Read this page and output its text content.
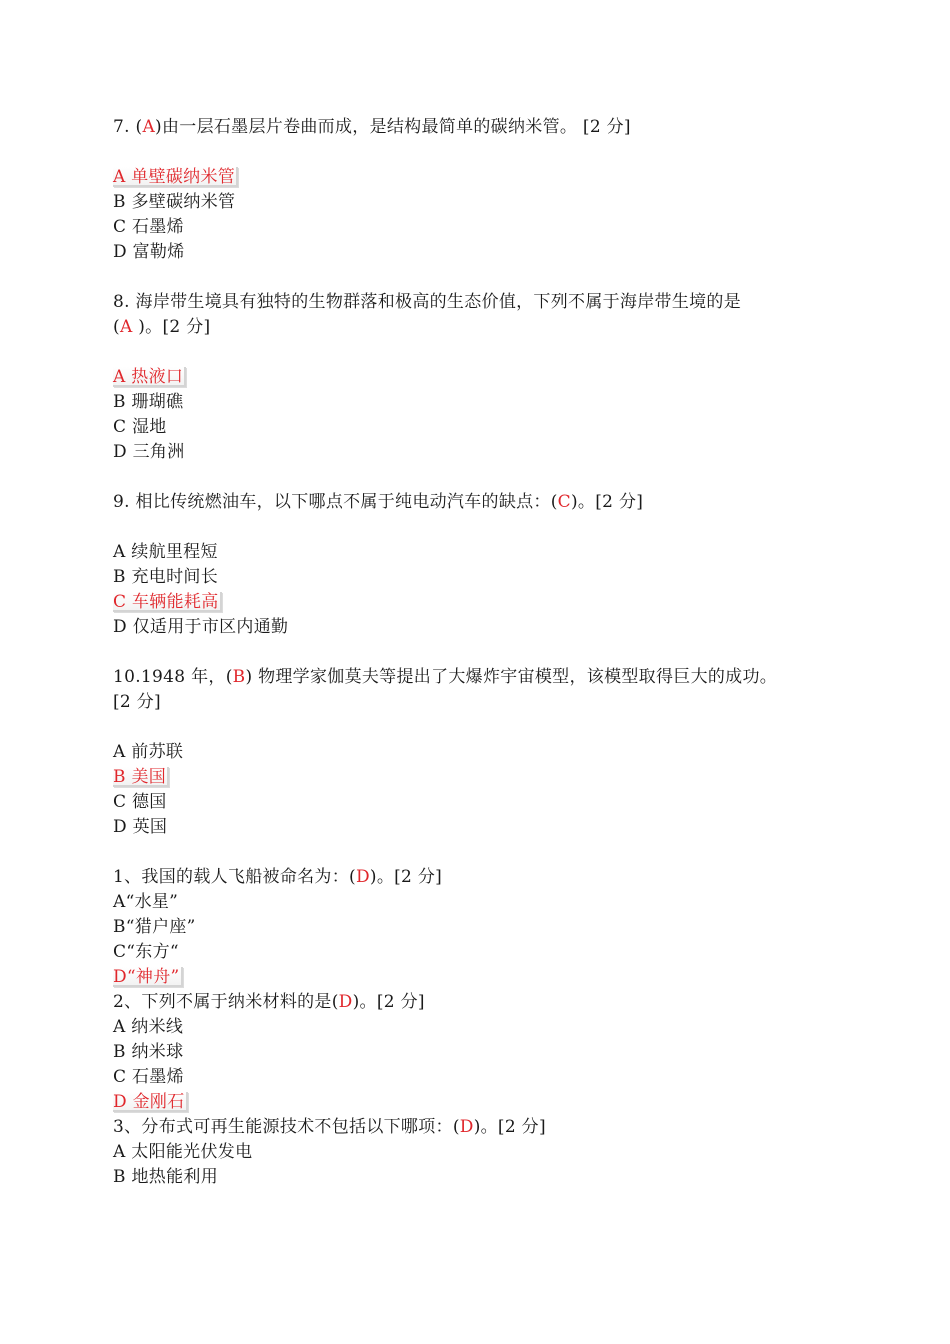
7. (A)由一层石墨层片卷曲而成，是结构最简单的碳纳米管。 [2 分]
A 单壁碳纳米管
B 多壁碳纳米管
C 石墨烯
D 富勒烯
8. 海岸带生境具有独特的生物群落和极高的生态价值，下列不属于海岸带生境的是
(A )。[2 分]
A 热液口
B 珊瑚礁
C 湿地
D 三角洲
9. 相比传统燃油车，以下哪点不属于纯电动汽车的缺点：(C)。[2 分]
A 续航里程短
B 充电时间长
C 车辆能耗高
D 仅适用于市区内通勤
10.1948 年，(B) 物理学家伽莫夫等提出了大爆炸宇宙模型，该模型取得巨大的成功。
[2 分]
A 前苏联
B 美国
C 德国
D 英国
1、我国的载人飞船被命名为：(D)。[2 分]
A“水星”
B“猎户座”
C“东方“
D“神舟”
2、下列不属于纳米材料的是(D)。[2 分]
A 纳米线
B 纳米球
C 石墨烯
D 金刚石
3、分布式可再生能源技术不包括以下哪项：(D)。[2 分]
A 太阳能光伏发电
B 地热能利用
